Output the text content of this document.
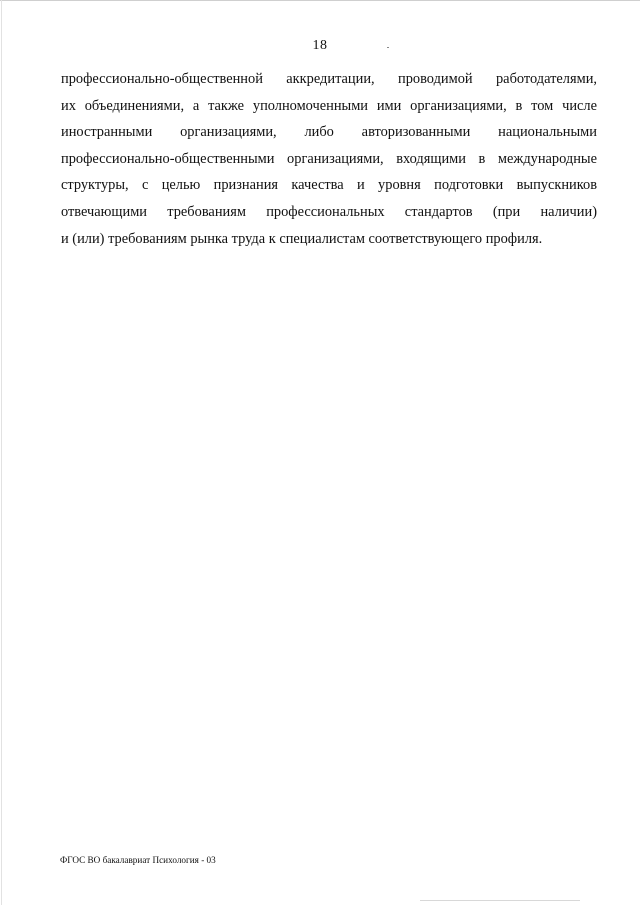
18
профессионально-общественной аккредитации, проводимой работодателями,
их объединениями, а также уполномоченными ими организациями, в том числе
иностранными организациями, либо авторизованными национальными
профессионально-общественными организациями, входящими в международные
структуры, с целью признания качества и уровня подготовки выпускников
отвечающими требованиям профессиональных стандартов (при наличии)
и (или) требованиям рынка труда к специалистам соответствующего профиля.
ФГОС ВО бакалавриат Психология - 03
